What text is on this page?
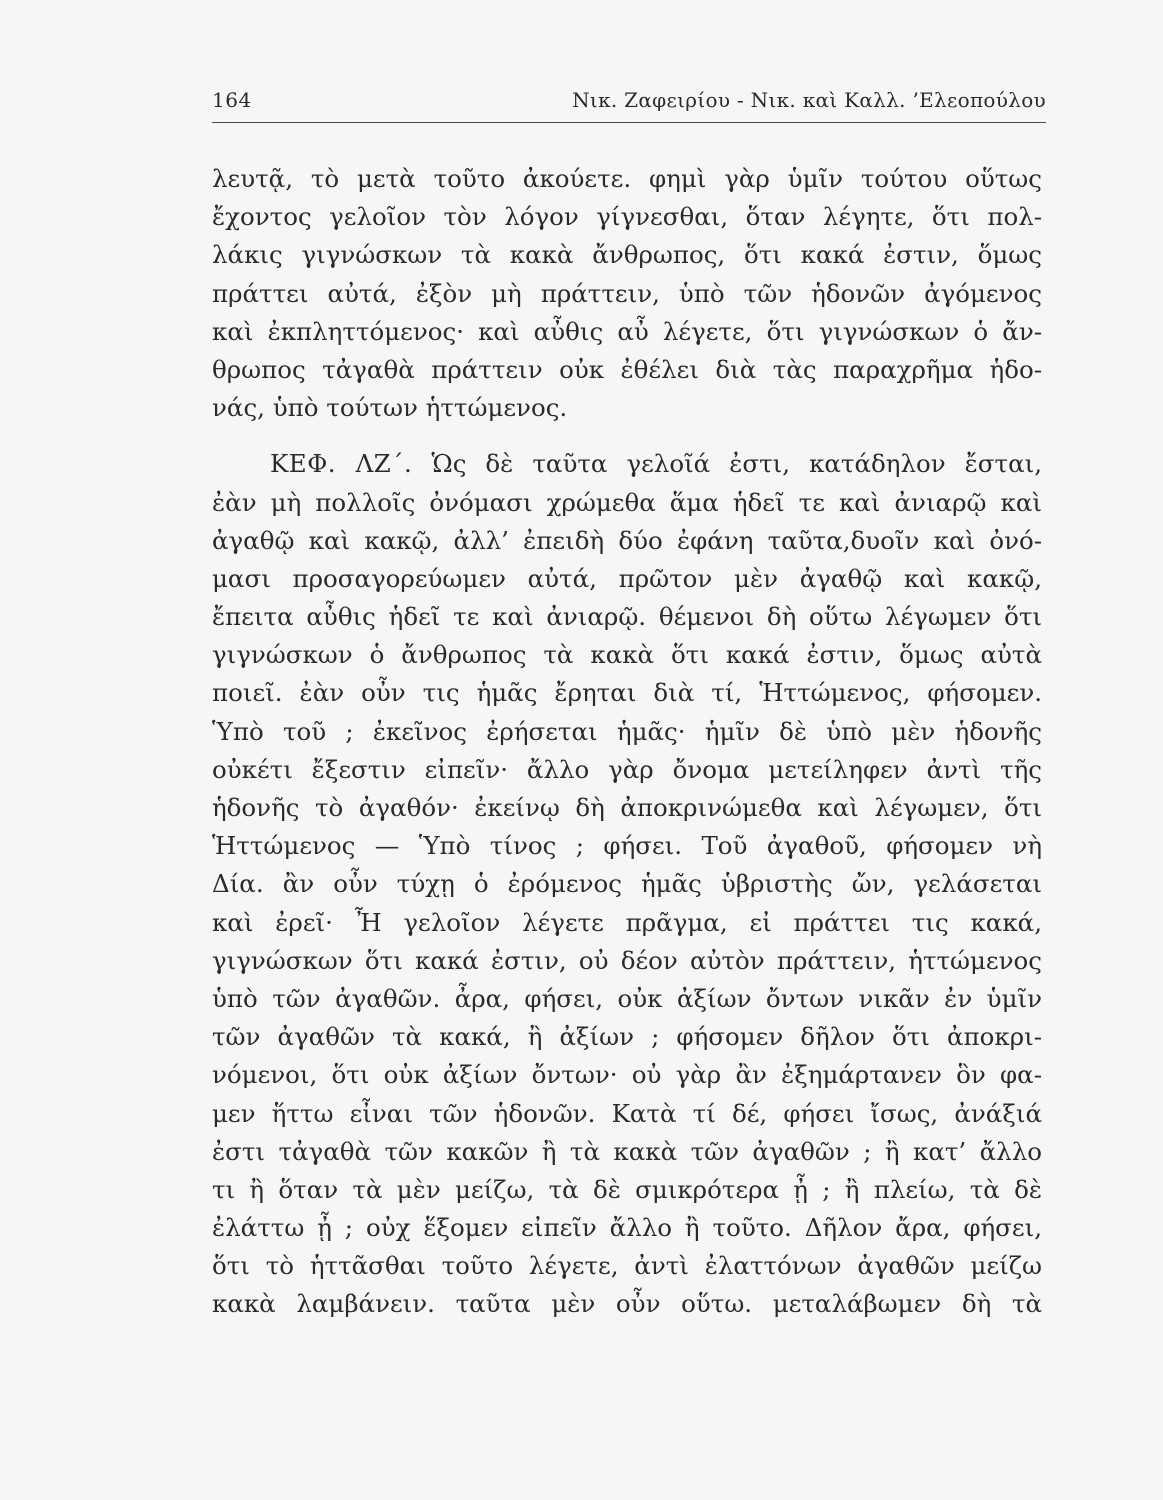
164	Νικ. Ζαφειρίου - Νικ. καὶ Καλλ. ’Ελεοπούλου
λευτᾷ, τὸ μετὰ τοῦτο ἀκούετε. φημὶ γὰρ ὑμῖν τούτου οὕτως
ἔχοντος γελοῖον τὸν λόγον γίγνεσθαι, ὅταν λέγητε, ὅτι πολ-
λάκις γιγνώσκων τὰ κακὰ ἄνθρωπος, ὅτι κακά ἐστιν, ὅμως
πράττει αὐτά, ἐξὸν μὴ πράττειν, ὑπὸ τῶν ἡδονῶν ἀγόμενος
καὶ ἐκπληττόμενος· καὶ αὖθις αὖ λέγετε, ὅτι γιγνώσκων ὁ ἄν-
θρωπος τἀγαθὰ πράττειν οὐκ ἐθέλει διὰ τὰς παραχρῆμα ἡδο-
νάς, ὑπὸ τούτων ἡττώμενος.
ΚΕΦ. ΛΖ΄. Ὡς δὲ ταῦτα γελοῖά ἐστι, κατάδηλον ἔσται,
ἐὰν μὴ πολλοῖς ὀνόμασι χρώμεθα ἅμα ἡδεῖ τε καὶ ἀνιαρῷ καὶ
ἀγαθῷ καὶ κακῷ, ἀλλ’ ἐπειδὴ δύο ἐφάνη ταῦτα,δυοῖν καὶ ὀνό-
μασι προσαγορεύωμεν αὐτά, πρῶτον μὲν ἀγαθῷ καὶ κακῷ,
ἔπειτα αὖθις ἡδεῖ τε καὶ ἀνιαρῷ. θέμενοι δὴ οὕτω λέγωμεν ὅτι
γιγνώσκων ὁ ἄνθρωπος τὰ κακὰ ὅτι κακά ἐστιν, ὅμως αὐτὰ
ποιεῖ. ἐὰν οὖν τις ἡμᾶς ἔρηται διὰ τί, Ἡττώμενος, φήσομεν.
Ὑπὸ τοῦ ; ἐκεῖνος ἐρήσεται ἡμᾶς· ἡμῖν δὲ ὑπὸ μὲν ἡδονῆς
οὐκέτι ἔξεστιν εἰπεῖν· ἄλλο γὰρ ὄνομα μετείληφεν ἀντὶ τῆς
ἡδονῆς τὸ ἀγαθόν· ἐκείνῳ δὴ ἀποκρινώμεθα καὶ λέγωμεν, ὅτι
Ἡττώμενος — Ὑπὸ τίνος ; φήσει. Τοῦ ἀγαθοῦ, φήσομεν νὴ
Δία. ἂν οὖν τύχῃ ὁ ἐρόμενος ἡμᾶς ὑβριστὴς ὤν, γελάσεται
καὶ ἐρεῖ· Ἦ γελοῖον λέγετε πρᾶγμα, εἰ πράττει τις κακά,
γιγνώσκων ὅτι κακά ἐστιν, οὐ δέον αὐτὸν πράττειν, ἡττώμενος
ὑπὸ τῶν ἀγαθῶν. ἆρα, φήσει, οὐκ ἀξίων ὄντων νικᾶν ἐν ὑμῖν
τῶν ἀγαθῶν τὰ κακά, ἢ ἀξίων ; φήσομεν δῆλον ὅτι ἀποκρι-
νόμενοι, ὅτι οὐκ ἀξίων ὄντων· οὐ γὰρ ἂν ἐξημάρτανεν ὃν φα-
μεν ἥττω εἶναι τῶν ἡδονῶν. Κατὰ τί δέ, φήσει ἴσως, ἀνάξιά
ἐστι τἀγαθὰ τῶν κακῶν ἢ τὰ κακὰ τῶν ἀγαθῶν ; ἢ κατ’ ἄλλο
τι ἢ ὅταν τὰ μὲν μείζω, τὰ δὲ σμικρότερα ᾖ ; ἢ πλείω, τὰ δὲ
ἐλάττω ᾖ ; οὐχ ἕξομεν εἰπεῖν ἄλλο ἢ τοῦτο. Δῆλον ἄρα, φήσει,
ὅτι τὸ ἡττᾶσθαι τοῦτο λέγετε, ἀντὶ ἐλαττόνων ἀγαθῶν μείζω
κακὰ λαμβάνειν. ταῦτα μὲν οὖν οὕτω. μεταλάβωμεν δὴ τὰ
